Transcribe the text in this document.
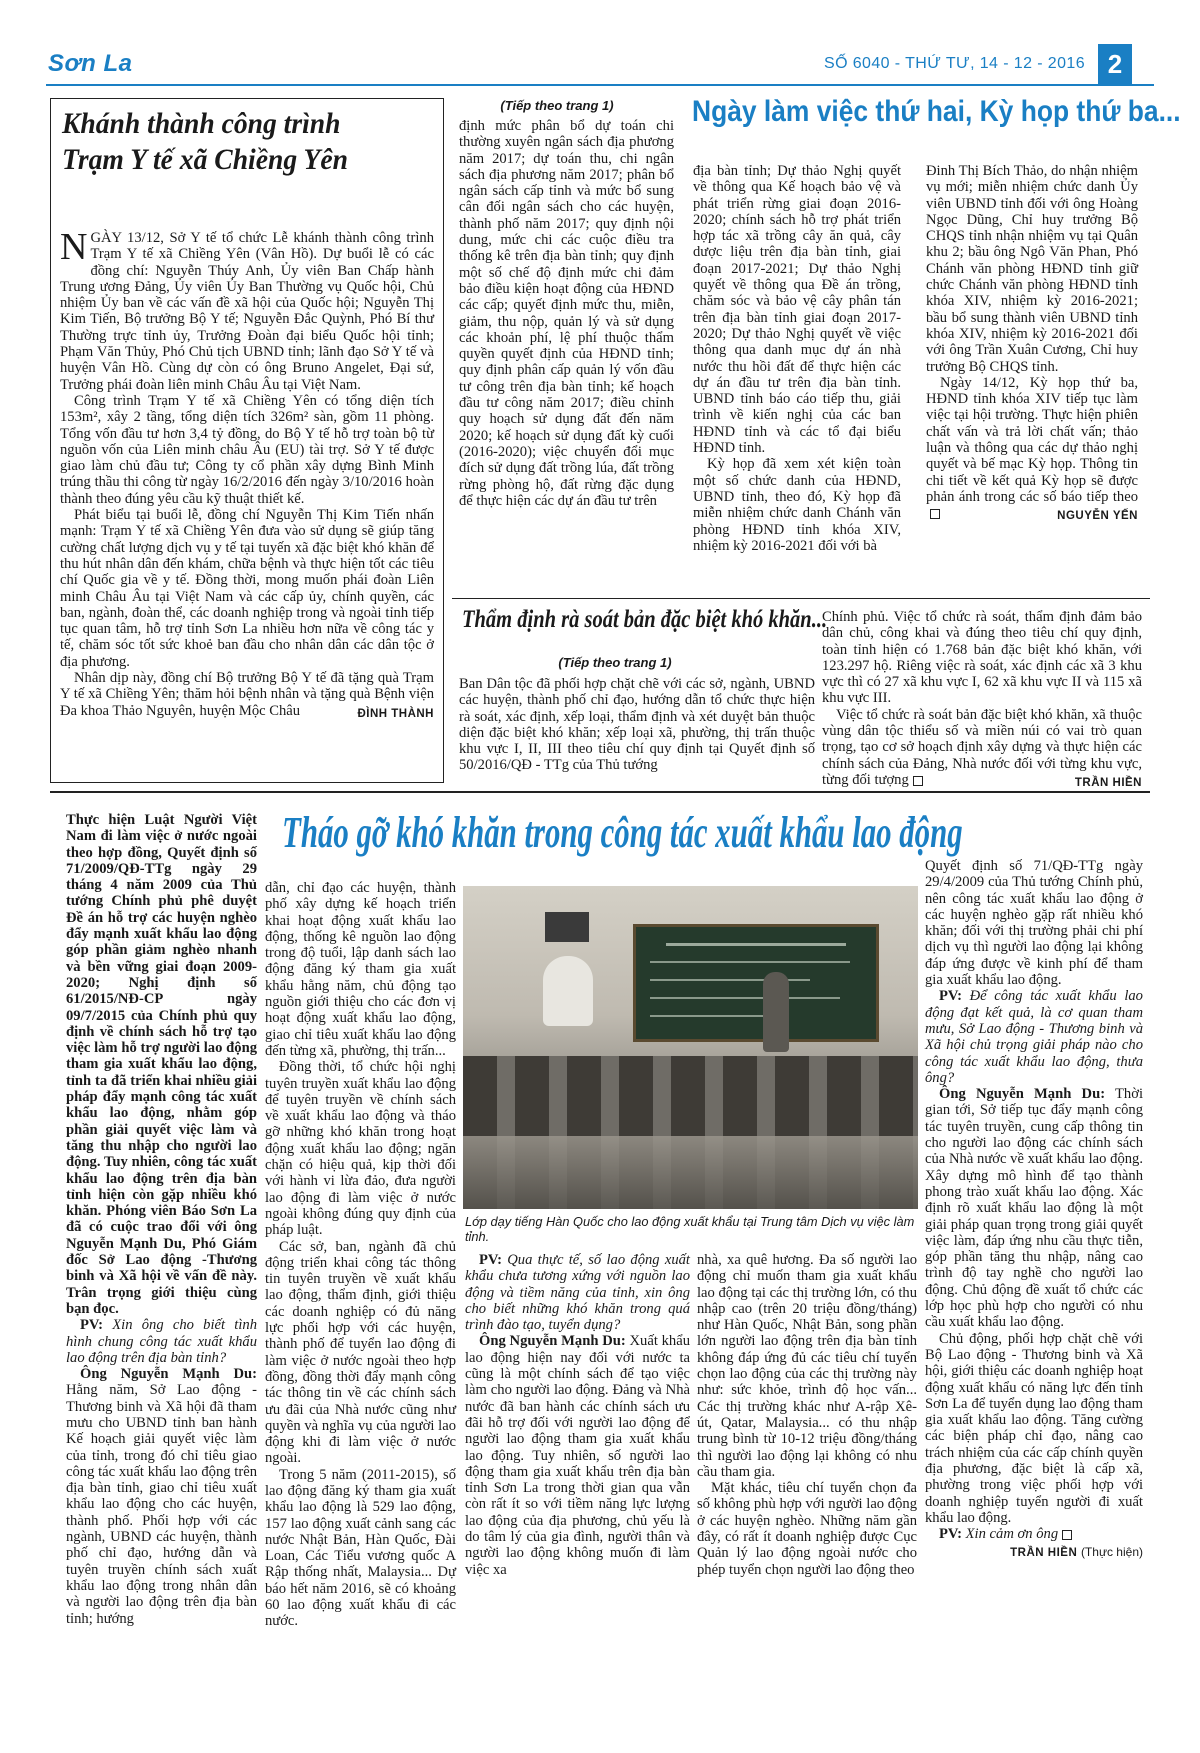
Sơn La	SỐ 6040 - THỨ TƯ, 14 - 12 - 2016 2
Khánh thành công trình Trạm Y tế xã Chiềng Yên

NGÀY 13/12, Sở Y tế tổ chức Lễ khánh thành công trình Trạm Y tế xã Chiềng Yên (Vân Hồ). Dự buổi lễ có các đồng chí: Nguyễn Thúy Anh, Ủy viên Ban Chấp hành Trung ương Đảng, Ủy viên Ủy Ban Thường vụ Quốc hội, Chủ nhiệm Ủy ban về các vấn đề xã hội của Quốc hội; Nguyễn Thị Kim Tiến, Bộ trưởng Bộ Y tế; Nguyễn Đắc Quỳnh, Phó Bí thư Thường trực tỉnh ủy, Trưởng Đoàn đại biểu Quốc hội tỉnh; Phạm Văn Thủy, Phó Chủ tịch UBND tỉnh; lãnh đạo Sở Y tế và huyện Vân Hồ. Cùng dự còn có ông Bruno Angelet, Đại sứ, Trưởng phái đoàn liên minh Châu Âu tại Việt Nam.

Công trình Trạm Y tế xã Chiềng Yên có tổng diện tích 153m², xây 2 tầng, tổng diện tích 326m² sàn, gồm 11 phòng. Tổng vốn đầu tư hơn 3,4 tỷ đồng, do Bộ Y tế hỗ trợ toàn bộ từ nguồn vốn của Liên minh châu Âu (EU) tài trợ. Sở Y tế được giao làm chủ đầu tư; Công ty cổ phần xây dựng Bình Minh trúng thầu thi công từ ngày 16/2/2016 đến ngày 3/10/2016 hoàn thành theo đúng yêu cầu kỹ thuật thiết kế.

Phát biểu tại buổi lễ, đồng chí Nguyễn Thị Kim Tiến nhấn mạnh: Trạm Y tế xã Chiềng Yên đưa vào sử dụng sẽ giúp tăng cường chất lượng dịch vụ y tế tại tuyến xã đặc biệt khó khăn để thu hút nhân dân đến khám, chữa bệnh và thực hiện tốt các tiêu chí Quốc gia về y tế. Đồng thời, mong muốn phái đoàn Liên minh Châu Âu tại Việt Nam và các cấp ủy, chính quyền, các ban, ngành, đoàn thể, các doanh nghiệp trong và ngoài tỉnh tiếp tục quan tâm, hỗ trợ tỉnh Sơn La nhiều hơn nữa về công tác y tế, chăm sóc tốt sức khoẻ ban đầu cho nhân dân các dân tộc ở địa phương.

Nhân dịp này, đồng chí Bộ trưởng Bộ Y tế đã tặng quà Trạm Y tế xã Chiềng Yên; thăm hỏi bệnh nhân và tặng quà Bệnh viện Đa khoa Thảo Nguyên, huyện Mộc Châu	ĐÌNH THÀNH

(Tiếp theo trang 1)	Ngày làm việc thứ hai, Kỳ họp thứ ba...

định mức phân bổ dự toán chi thường xuyên ngân sách địa phương năm 2017; dự toán thu, chi ngân sách địa phương năm 2017; phân bổ ngân sách cấp tỉnh và mức bổ sung cân đối ngân sách cho các huyện, thành phố năm 2017; quy định nội dung, mức chi các cuộc điều tra thống kê trên địa bàn tỉnh; quy định một số chế độ định mức chi đảm bảo điều kiện hoạt động của HĐND các cấp; quyết định mức thu, miễn, giảm, thu nộp, quản lý và sử dụng các khoản phí, lệ phí thuộc thẩm quyền quyết định của HĐND tỉnh; quy định phân cấp quản lý vốn đầu tư công trên địa bàn tỉnh; kế hoạch đầu tư công năm 2017; điều chỉnh quy hoạch sử dụng đất đến năm 2020; kế hoạch sử dụng đất kỳ cuối (2016-2020); việc chuyển đổi mục đích sử dụng đất trồng lúa, đất trồng rừng phòng hộ, đất rừng đặc dụng để thực hiện các dự án đầu tư trên

địa bàn tỉnh; Dự thảo Nghị quyết về thông qua Kế hoạch bảo vệ và phát triển rừng giai đoạn 2016-2020; chính sách hỗ trợ phát triển hợp tác xã trồng cây ăn quả, cây dược liệu trên địa bàn tỉnh, giai đoạn 2017-2021; Dự thảo Nghị quyết về thông qua Đề án trồng, chăm sóc và bảo vệ cây phân tán trên địa bàn tỉnh giai đoạn 2017-2020; Dự thảo Nghị quyết về việc thông qua danh mục dự án nhà nước thu hồi đất để thực hiện các dự án đầu tư trên địa bàn tỉnh. UBND tỉnh báo cáo tiếp thu, giải trình về kiến nghị của các ban HĐND tỉnh và các tổ đại biểu HĐND tỉnh.

Kỳ họp đã xem xét kiện toàn một số chức danh của HĐND, UBND tỉnh, theo đó, Kỳ họp đã miễn nhiệm chức danh Chánh văn phòng HĐND tỉnh khóa XIV, nhiệm kỳ 2016-2021 đối với bà

Đinh Thị Bích Thảo, do nhận nhiệm vụ mới; miễn nhiệm chức danh Ủy viên UBND tỉnh đối với ông Hoàng Ngọc Dũng, Chỉ huy trưởng Bộ CHQS tỉnh nhận nhiệm vụ tại Quân khu 2; bầu ông Ngô Văn Phan, Phó Chánh văn phòng HĐND tỉnh giữ chức Chánh văn phòng HĐND tỉnh khóa XIV, nhiệm kỳ 2016-2021; bầu bổ sung thành viên UBND tỉnh khóa XIV, nhiệm kỳ 2016-2021 đối với ông Trần Xuân Cương, Chỉ huy trưởng Bộ CHQS tỉnh.

Ngày 14/12, Kỳ họp thứ ba, HĐND tỉnh khóa XIV tiếp tục làm việc tại hội trường. Thực hiện phiên chất vấn và trả lời chất vấn; thảo luận và thông qua các dự thảo nghị quyết và bế mạc Kỳ họp. Thông tin chi tiết về kết quả Kỳ họp sẽ được phản ánh trong các số báo tiếp theo
NGUYỄN YẾN

Thẩm định rà soát bản đặc biệt khó khăn...
(Tiếp theo trang 1)

Ban Dân tộc đã phối hợp chặt chẽ với các sở, ngành, UBND các huyện, thành phố chỉ đạo, hướng dẫn tổ chức thực hiện rà soát, xác định, xếp loại, thẩm định và xét duyệt bản thuộc diện đặc biệt khó khăn; xếp loại xã, phường, thị trấn thuộc khu vực I, II, III theo tiêu chí quy định tại Quyết định số 50/2016/QĐ - TTg của Thủ tướng

Chính phủ. Việc tổ chức rà soát, thẩm định đảm bảo dân chủ, công khai và đúng theo tiêu chí quy định, toàn tỉnh hiện có 1.768 bản đặc biệt khó khăn, với 123.297 hộ. Riêng việc rà soát, xác định các xã 3 khu vực thì có 27 xã khu vực I, 62 xã khu vực II và 115 xã khu vực III.

Việc tổ chức rà soát bản đặc biệt khó khăn, xã thuộc vùng dân tộc thiểu số và miền núi có vai trò quan trọng, tạo cơ sở hoạch định xây dựng và thực hiện các chính sách của Đảng, Nhà nước đối với từng khu vực, từng đối tượng	TRẦN HIỀN

Tháo gỡ khó khăn trong công tác xuất khẩu lao động

Thực hiện Luật Người Việt Nam đi làm việc ở nước ngoài theo hợp đồng, Quyết định số 71/2009/QĐ-TTg ngày 29 tháng 4 năm 2009 của Thủ tướng Chính phủ phê duyệt Đề án hỗ trợ các huyện nghèo đẩy mạnh xuất khẩu lao động góp phần giảm nghèo nhanh và bền vững giai đoạn 2009-2020; Nghị định số 61/2015/NĐ-CP ngày 09/7/2015 của Chính phủ quy định về chính sách hỗ trợ tạo việc làm hỗ trợ người lao động tham gia xuất khẩu lao động, tỉnh ta đã triển khai nhiều giải pháp đẩy mạnh công tác xuất khẩu lao động, nhằm góp phần giải quyết việc làm và tăng thu nhập cho người lao động. Tuy nhiên, công tác xuất khẩu lao động trên địa bàn tỉnh hiện còn gặp nhiều khó khăn. Phóng viên Báo Sơn La đã có cuộc trao đổi với ông Nguyễn Mạnh Du, Phó Giám đốc Sở Lao động -Thương binh và Xã hội về vấn đề này. Trân trọng giới thiệu cùng bạn đọc.

PV: Xin ông cho biết tình hình chung công tác xuất khẩu lao động trên địa bàn tỉnh?

Ông Nguyễn Mạnh Du: Hằng năm, Sở Lao động - Thương binh và Xã hội đã tham mưu cho UBND tỉnh ban hành Kế hoạch giải quyết việc làm của tỉnh, trong đó chỉ tiêu giao công tác xuất khẩu lao động trên địa bàn tỉnh, giao chỉ tiêu xuất khẩu lao động cho các huyện, thành phố. Phối hợp với các ngành, UBND các huyện, thành phố chỉ đạo, hướng dẫn và tuyên truyền chính sách xuất khẩu lao động trong nhân dân và người lao động trên địa bàn tỉnh; hướng

dẫn, chỉ đạo các huyện, thành phố xây dựng kế hoạch triển khai hoạt động xuất khẩu lao động, thống kê nguồn lao động trong độ tuổi, lập danh sách lao động đăng ký tham gia xuất khẩu hằng năm, chủ động tạo nguồn giới thiệu cho các đơn vị hoạt động xuất khẩu lao động, giao chỉ tiêu xuất khẩu lao động đến từng xã, phường, thị trấn...

Đồng thời, tổ chức hội nghị tuyên truyền xuất khẩu lao động để tuyên truyền về chính sách về xuất khẩu lao động và tháo gỡ những khó khăn trong hoạt động xuất khẩu lao động; ngăn chặn có hiệu quả, kịp thời đối với hành vi lừa đảo, đưa người lao động đi làm việc ở nước ngoài không đúng quy định của pháp luật.

Các sở, ban, ngành đã chủ động triển khai công tác thông tin tuyên truyền về xuất khẩu lao động, thẩm định, giới thiệu các doanh nghiệp có đủ năng lực phối hợp với các huyện, thành phố để tuyển lao động đi làm việc ở nước ngoài theo hợp đồng, đồng thời đẩy mạnh công tác thông tin về các chính sách ưu đãi của Nhà nước cũng như quyền và nghĩa vụ của người lao động khi đi làm việc ở nước ngoài.

Trong 5 năm (2011-2015), số lao động đăng ký tham gia xuất khẩu lao động là 529 lao động, 157 lao động xuất cảnh sang các nước Nhật Bản, Hàn Quốc, Đài Loan, Các Tiểu vương quốc A Rập thống nhất, Malaysia... Dự báo hết năm 2016, sẽ có khoảng 60 lao động xuất khẩu đi các nước.

Lớp dạy tiếng Hàn Quốc cho lao động xuất khẩu tại Trung tâm Dịch vụ việc làm tỉnh.

PV: Qua thực tế, số lao động xuất khẩu chưa tương xứng với nguồn lao động và tiềm năng của tỉnh, xin ông cho biết những khó khăn trong quá trình đào tạo, tuyển dụng?

Ông Nguyễn Mạnh Du: Xuất khẩu lao động hiện nay đối với nước ta cũng là một chính sách để tạo việc làm cho người lao động. Đảng và Nhà nước đã ban hành các chính sách ưu đãi hỗ trợ đối với người lao động để người lao động tham gia xuất khẩu lao động. Tuy nhiên, số người lao động tham gia xuất khẩu trên địa bàn tỉnh Sơn La trong thời gian qua vẫn còn rất ít so với tiềm năng lực lượng lao động của địa phương, chủ yếu là do tâm lý của gia đình, người thân và người lao động không muốn đi làm việc xa

nhà, xa quê hương. Đa số người lao động chỉ muốn tham gia xuất khẩu lao động tại các thị trường lớn, có thu nhập cao (trên 20 triệu đồng/tháng) như Hàn Quốc, Nhật Bản, song phần lớn người lao động trên địa bàn tỉnh không đáp ứng đủ các tiêu chí tuyển chọn lao động của các thị trường này như: sức khỏe, trình độ học vấn... Các thị trường khác như A-rập Xê- út, Qatar, Malaysia... có thu nhập trung bình từ 10-12 triệu đồng/tháng thì người lao động lại không có nhu cầu tham gia.

Mặt khác, tiêu chí tuyển chọn đa số không phù hợp với người lao động ở các huyện nghèo. Những năm gần đây, có rất ít doanh nghiệp được Cục Quản lý lao động ngoài nước cho phép tuyển chọn người lao động theo

Quyết định số 71/QĐ-TTg ngày 29/4/2009 của Thủ tướng Chính phủ, nên công tác xuất khẩu lao động ở các huyện nghèo gặp rất nhiều khó khăn; đối với thị trường phải chi phí dịch vụ thì người lao động lại không đáp ứng được về kinh phí để tham gia xuất khẩu lao động.

PV: Để công tác xuất khẩu lao động đạt kết quả, là cơ quan tham mưu, Sở Lao động - Thương binh và Xã hội chủ trọng giải pháp nào cho công tác xuất khẩu lao động, thưa ông?

Ông Nguyễn Mạnh Du: Thời gian tới, Sở tiếp tục đẩy mạnh công tác tuyên truyền, cung cấp thông tin cho người lao động các chính sách của Nhà nước về xuất khẩu lao động. Xây dựng mô hình để tạo thành phong trào xuất khẩu lao động. Xác định rõ xuất khẩu lao động là một giải pháp quan trọng trong giải quyết việc làm, đáp ứng nhu cầu thực tiễn, góp phần tăng thu nhập, nâng cao trình độ tay nghề cho người lao động. Chủ động đề xuất tổ chức các lớp học phù hợp cho người có nhu cầu xuất khẩu lao động.

Chủ động, phối hợp chặt chẽ với Bộ Lao động - Thương binh và Xã hội, giới thiệu các doanh nghiệp hoạt động xuất khẩu có năng lực đến tỉnh Sơn La để tuyển dụng lao động tham gia xuất khẩu lao động. Tăng cường các biện pháp chỉ đạo, nâng cao trách nhiệm của các cấp chính quyền địa phương, đặc biệt là cấp xã, phường trong việc phối hợp với doanh nghiệp tuyển người đi xuất khẩu lao động.

PV: Xin cảm ơn ông

TRẦN HIỀN (Thực hiện)
